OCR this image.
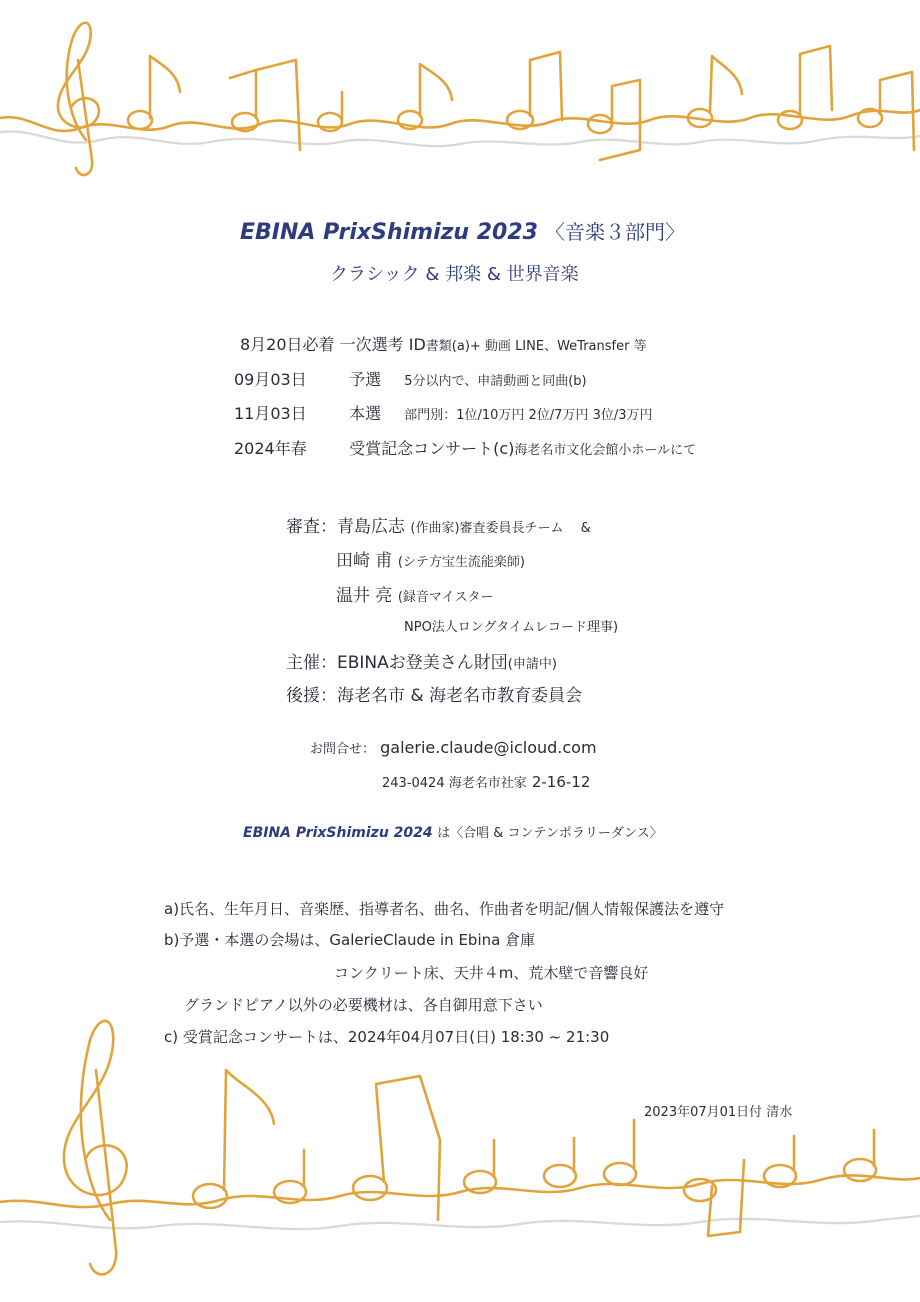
EBINA PrixShimizu 2023 〈音楽３部門〉
クラシック & 邦楽 & 世界音楽
8月20日必着 一次選考 ID書類(a)+ 動画 LINE、WeTransfer 等
09月03日	予選 5分以内で、申請動画と同曲(b)
11月03日	本選 部門別：1位/10万円 2位/7万円 3位/3万円
2024年春	受賞記念コンサート(c)海老名市文化会館小ホールにて
審査：青島広志 (作曲家)審査委員長チーム　 &
田崎 甫 (シテ方宝生流能楽師)
温井 亮 (録音マイスター
NPO法人ロングタイムレコード理事)
主催：EBINAお登美さん財団(申請中)
後援：海老名市 & 海老名市教育委員会
お問合せ： galerie.claude@icloud.com
243-0424 海老名市社家 2-16-12
EBINA PrixShimizu 2024 は〈合唱 & コンテンポラリーダンス〉
a)氏名、生年月日、音楽歴、指導者名、曲名、作曲者を明記/個人情報保護法を遵守
b)予選・本選の会場は、GalerieClaude in Ebina 倉庫
コンクリート床、天井４m、荒木壁で音響良好
グランドピアノ以外の必要機材は、各自御用意下さい
c) 受賞記念コンサートは、2024年04月07日(日) 18:30 ~ 21:30
2023年07月01日付 清水
